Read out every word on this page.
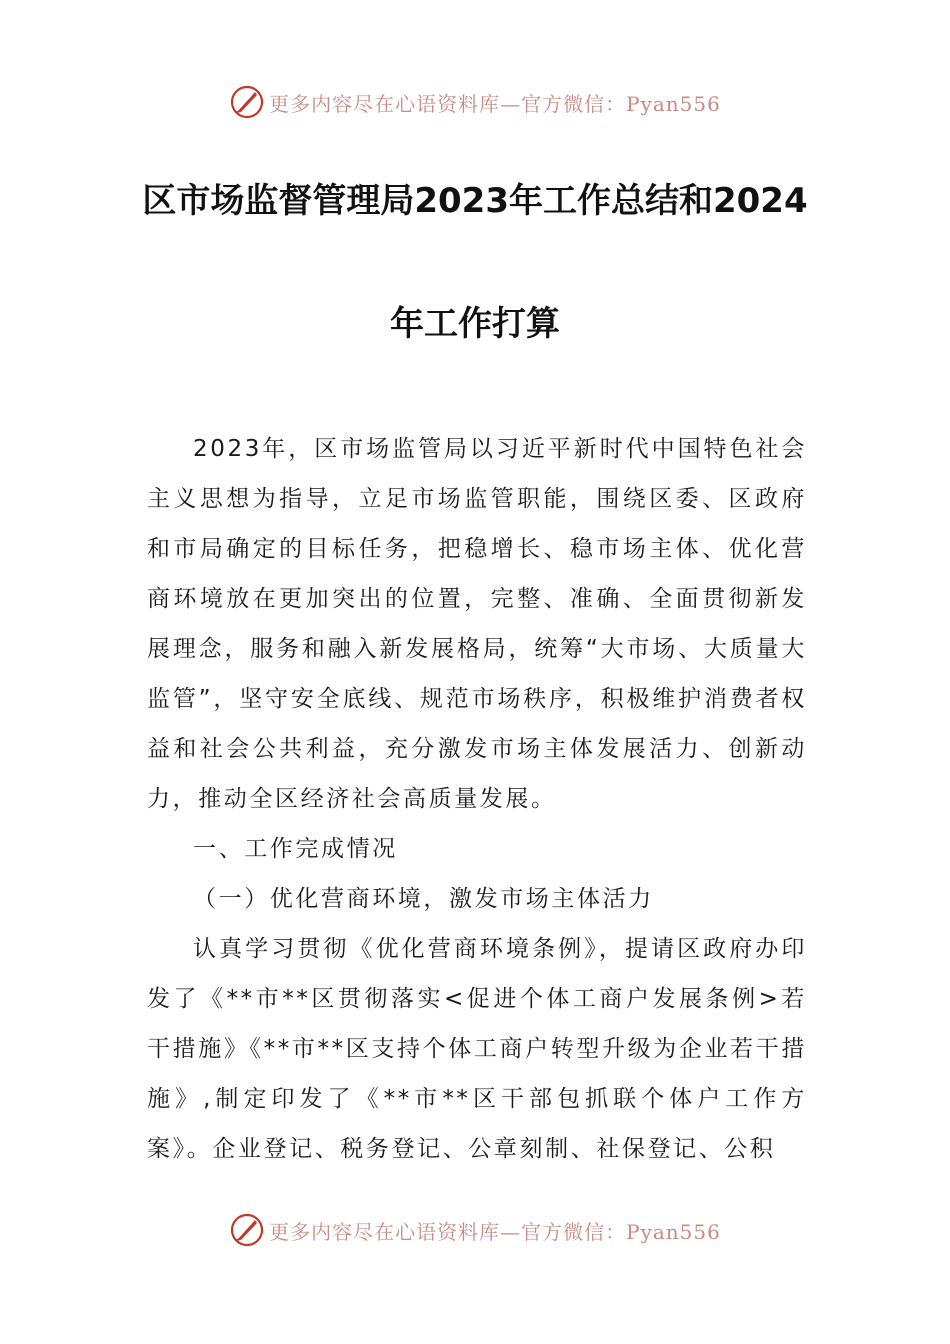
更多内容尽在心语资料库—官方微信：Pyan556
区市场监督管理局2023年工作总结和2024
年工作打算

2023年，区市场监管局以习近平新时代中国特色社会主义思想为指导，立足市场监管职能，围绕区委、区政府和市局确定的目标任务，把稳增长、稳市场主体、优化营商环境放在更加突出的位置，完整、准确、全面贯彻新发展理念，服务和融入新发展格局，统筹“大市场、大质量大监管”，坚守安全底线、规范市场秩序，积极维护消费者权益和社会公共利益，充分激发市场主体发展活力、创新动力，推动全区经济社会高质量发展。

一、工作完成情况

（一）优化营商环境，激发市场主体活力

认真学习贯彻《优化营商环境条例》，提请区政府办印发了《**市**区贯彻落实<促进个体工商户发展条例>若干措施》《**市**区支持个体工商户转型升级为企业若干措施》,制定印发了《**市**区干部包抓联个体户工作方案》。企业登记、税务登记、公章刻制、社保登记、公积

更多内容尽在心语资料库—官方微信：Pyan556
